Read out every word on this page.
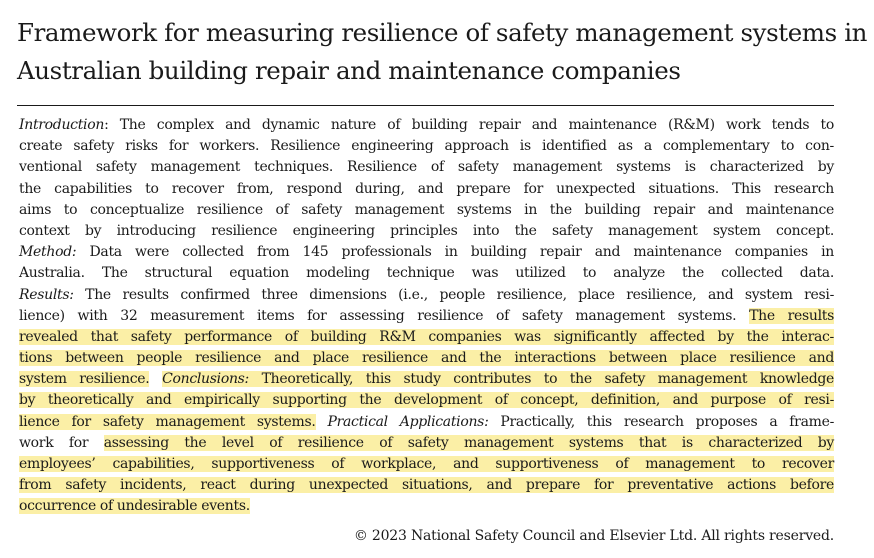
Framework for measuring resilience of safety management systems in
Australian building repair and maintenance companies
Introduction: The complex and dynamic nature of building repair and maintenance (R&M) work tends to
create safety risks for workers. Resilience engineering approach is identified as a complementary to con-
ventional safety management techniques. Resilience of safety management systems is characterized by
the capabilities to recover from, respond during, and prepare for unexpected situations. This research
aims to conceptualize resilience of safety management systems in the building repair and maintenance
context by introducing resilience engineering principles into the safety management system concept.
Method: Data were collected from 145 professionals in building repair and maintenance companies in
Australia. The structural equation modeling technique was utilized to analyze the collected data.
Results: The results confirmed three dimensions (i.e., people resilience, place resilience, and system resi-
lience) with 32 measurement items for assessing resilience of safety management systems. The results
revealed that safety performance of building R&M companies was significantly affected by the interac-
tions between people resilience and place resilience and the interactions between place resilience and
system resilience. Conclusions: Theoretically, this study contributes to the safety management knowledge
by theoretically and empirically supporting the development of concept, definition, and purpose of resi-
lience for safety management systems. Practical Applications: Practically, this research proposes a frame-
work for assessing the level of resilience of safety management systems that is characterized by
employees’ capabilities, supportiveness of workplace, and supportiveness of management to recover
from safety incidents, react during unexpected situations, and prepare for preventative actions before
occurrence of undesirable events.
© 2023 National Safety Council and Elsevier Ltd. All rights reserved.
